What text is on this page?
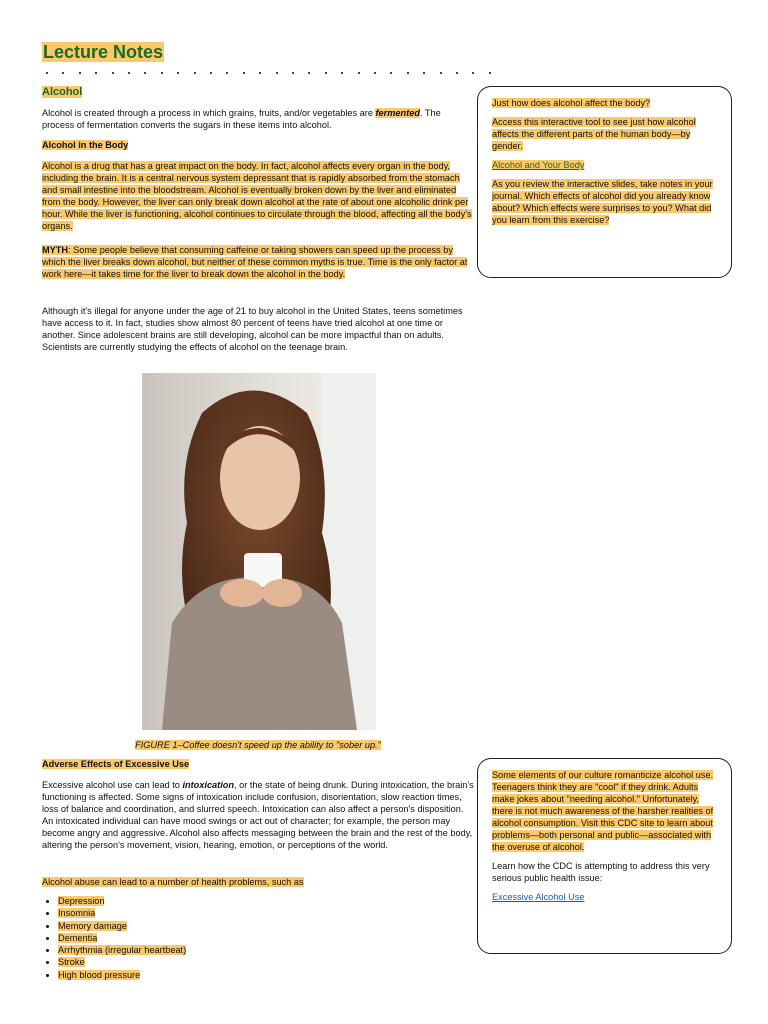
Lecture Notes
Alcohol

Alcohol is created through a process in which grains, fruits, and/or vegetables are fermented. The process of fermentation converts the sugars in these items into alcohol.

Alcohol in the Body

Alcohol is a drug that has a great impact on the body. In fact, alcohol affects every organ in the body, including the brain. It is a central nervous system depressant that is rapidly absorbed from the stomach and small intestine into the bloodstream. Alcohol is eventually broken down by the liver and eliminated from the body. However, the liver can only break down alcohol at the rate of about one alcoholic drink per hour. While the liver is functioning, alcohol continues to circulate through the blood, affecting all the body's organs.

MYTH: Some people believe that consuming caffeine or taking showers can speed up the process by which the liver breaks down alcohol, but neither of these common myths is true. Time is the only factor at work here—it takes time for the liver to break down the alcohol in the body.

Although it's illegal for anyone under the age of 21 to buy alcohol in the United States, teens sometimes have access to it. In fact, studies show almost 80 percent of teens have tried alcohol at one time or another. Since adolescent brains are still developing, alcohol can be more impactful than on adults. Scientists are currently studying the effects of alcohol on the teenage brain.

FIGURE 1–Coffee doesn't speed up the ability to "sober up."

Adverse Effects of Excessive Use

Excessive alcohol use can lead to intoxication, or the state of being drunk. During intoxication, the brain's functioning is affected. Some signs of intoxication include confusion, disorientation, slow reaction times, loss of balance and coordination, and slurred speech. Intoxication can also affect a person's disposition. An intoxicated individual can have mood swings or act out of character; for example, the person may become angry and aggressive. Alcohol also affects messaging between the brain and the rest of the body, altering the person's movement, vision, hearing, emotion, or perceptions of the world.

Alcohol abuse can lead to a number of health problems, such as

• Depression
• Insomnia
• Memory damage
• Dementia
• Arrhythmia (irregular heartbeat)
• Stroke
• High blood pressure

Just how does alcohol affect the body?

Access this interactive tool to see just how alcohol affects the different parts of the human body—by gender.

Alcohol and Your Body

As you review the interactive slides, take notes in your journal. Which effects of alcohol did you already know about? Which effects were surprises to you? What did you learn from this exercise?

Some elements of our culture romanticize alcohol use. Teenagers think they are "cool" if they drink. Adults make jokes about "needing alcohol." Unfortunately, there is not much awareness of the harsher realities of alcohol consumption. Visit this CDC site to learn about problems—both personal and public—associated with the overuse of alcohol.

Learn how the CDC is attempting to address this very serious public health issue:

Excessive Alcohol Use
